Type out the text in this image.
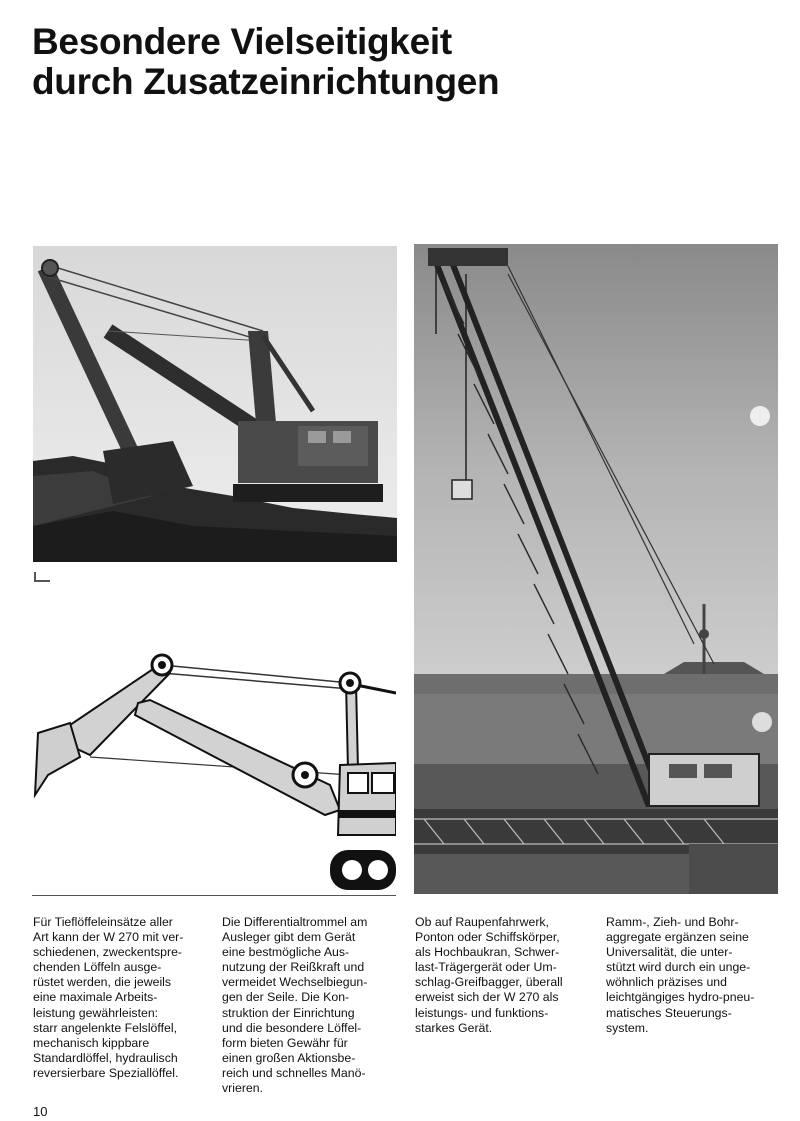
Besondere Vielseitigkeit
durch Zusatzeinrichtungen

Für Tieflöffeleinsätze aller
Art kann der W 270 mit ver-
schiedenen, zweckentspre-
chenden Löffeln ausge-
rüstet werden, die jeweils
eine maximale Arbeits-
leistung gewährleisten:
starr angelenkte Felslöffel,
mechanisch kippbare
Standardlöffel, hydraulisch
reversierbare Speziallöffel.

Die Differentialtrommel am
Ausleger gibt dem Gerät
eine bestmögliche Aus-
nutzung der Reißkraft und
vermeidet Wechselbiegun-
gen der Seile. Die Kon-
struktion der Einrichtung
und die besondere Löffel-
form bieten Gewähr für
einen großen Aktionsbe-
reich und schnelles Manö-
vrieren.

Ob auf Raupenfahrwerk,
Ponton oder Schiffskörper,
als Hochbaukran, Schwer-
last-Trägergerät oder Um-
schlag-Greifbagger, überall
erweist sich der W 270 als
leistungs- und funktions-
starkes Gerät.

Ramm-, Zieh- und Bohr-
aggregate ergänzen seine
Universalität, die unter-
stützt wird durch ein unge-
wöhnlich präzises und
leichtgängiges hydro-pneu-
matisches Steuerungs-
system.

10
